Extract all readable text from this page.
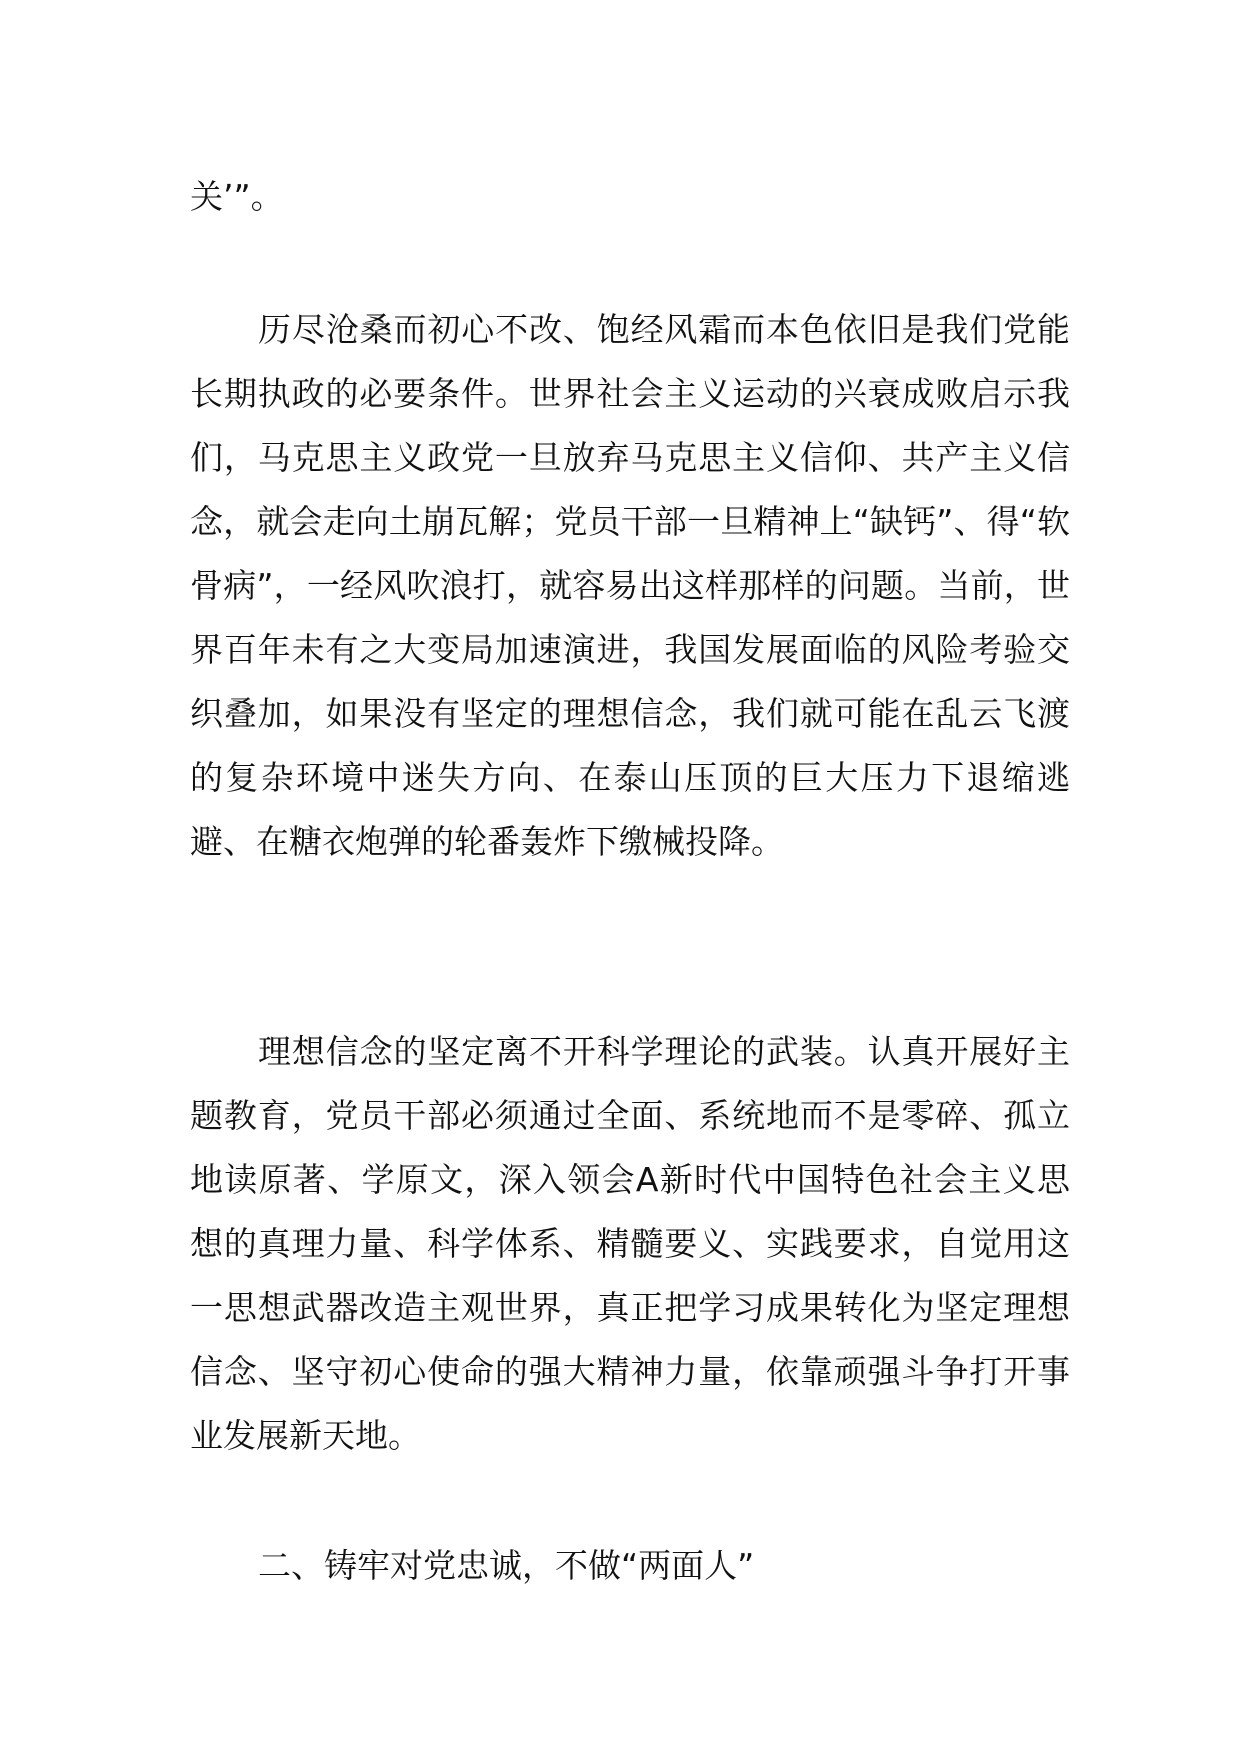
关’”。

历尽沧桑而初心不改、饱经风霜而本色依旧是我们党能长期执政的必要条件。世界社会主义运动的兴衰成败启示我们，马克思主义政党一旦放弃马克思主义信仰、共产主义信念，就会走向土崩瓦解；党员干部一旦精神上“缺钙”、得“软骨病”，一经风吹浪打，就容易出这样那样的问题。当前，世界百年未有之大变局加速演进，我国发展面临的风险考验交织叠加，如果没有坚定的理想信念，我们就可能在乱云飞渡的复杂环境中迷失方向、在泰山压顶的巨大压力下退缩逃避、在糖衣炮弹的轮番轰炸下缴械投降。

理想信念的坚定离不开科学理论的武装。认真开展好主题教育，党员干部必须通过全面、系统地而不是零碎、孤立地读原著、学原文，深入领会A新时代中国特色社会主义思想的真理力量、科学体系、精髓要义、实践要求，自觉用这一思想武器改造主观世界，真正把学习成果转化为坚定理想信念、坚守初心使命的强大精神力量，依靠顽强斗争打开事业发展新天地。

二、铸牢对党忠诚，不做“两面人”
